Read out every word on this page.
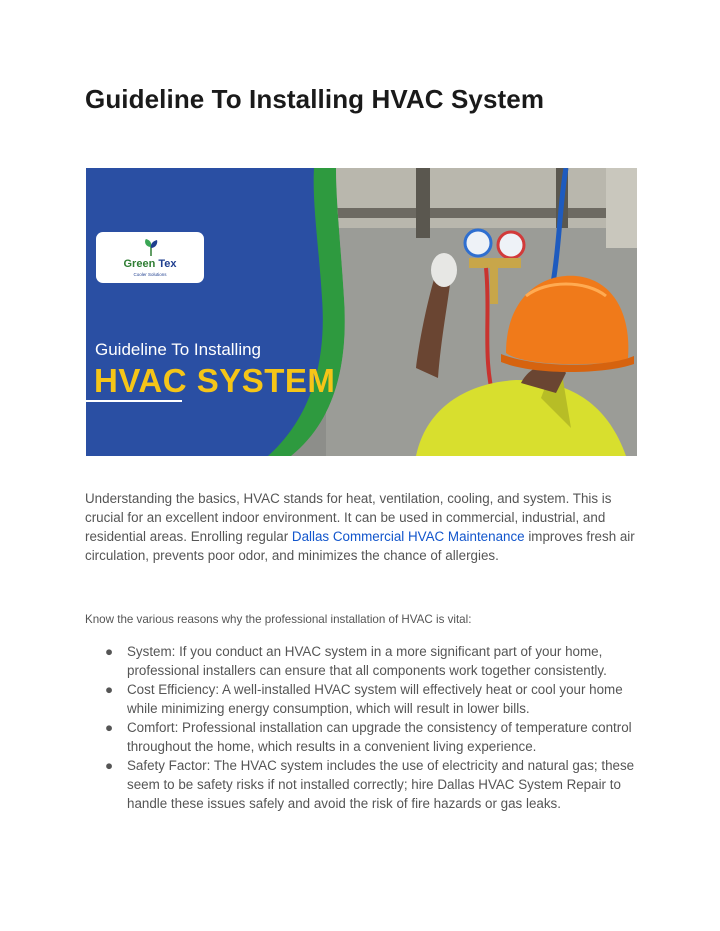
Guideline To Installing HVAC System
Green Tex
Cooler Solutions
Guideline To Installing
HVAC SYSTEM

Understanding the basics, HVAC stands for heat, ventilation, cooling, and system. This is crucial for an excellent indoor environment. It can be used in commercial, industrial, and residential areas. Enrolling regular Dallas Commercial HVAC Maintenance improves fresh air circulation, prevents poor odor, and minimizes the chance of allergies.

Know the various reasons why the professional installation of HVAC is vital:

● System: If you conduct an HVAC system in a more significant part of your home, professional installers can ensure that all components work together consistently.
● Cost Efficiency: A well-installed HVAC system will effectively heat or cool your home while minimizing energy consumption, which will result in lower bills.
● Comfort: Professional installation can upgrade the consistency of temperature control throughout the home, which results in a convenient living experience.
● Safety Factor: The HVAC system includes the use of electricity and natural gas; these seem to be safety risks if not installed correctly; hire Dallas HVAC System Repair to handle these issues safely and avoid the risk of fire hazards or gas leaks.
